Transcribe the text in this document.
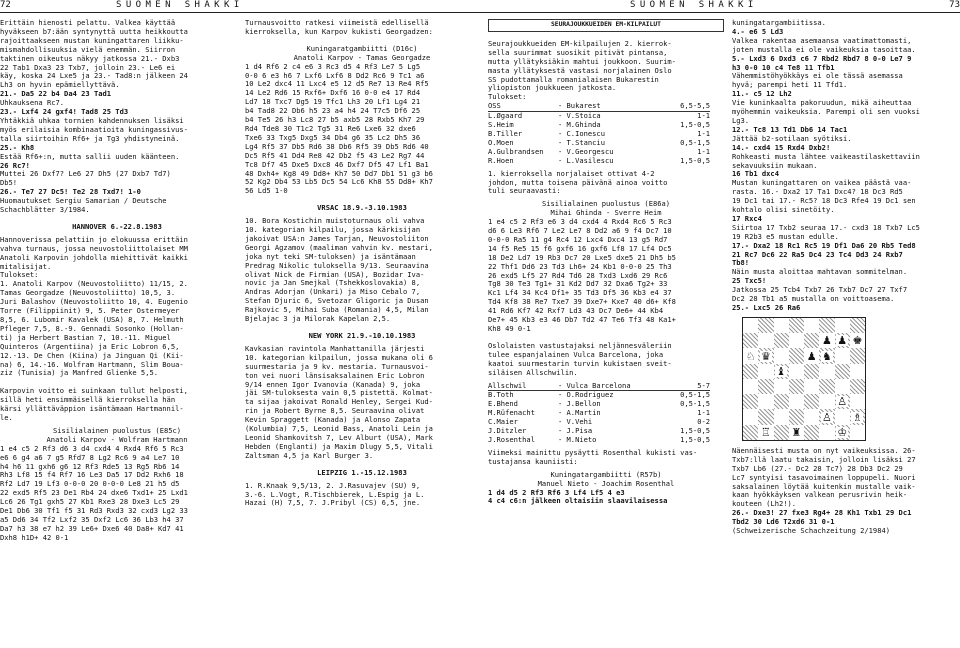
72	SUOMEN SHAKKI

Erittäin hienosti pelattu. Valkea käyttää

hyväkseen b7:ään syntynyttä uutta heikkoutta

rajoittaakseen mustan kuningattaren liikku-

mismahdollisuuksia vielä enemmän. Siirron

taktinen oikeutus näkyy jatkossa 21.- Dxb3

22 Tab1 Dxa3 23 Txb7, jolloin 23.- Le6 ei

käy, koska 24 Lxe5 ja 23.- Tad8:n jälkeen 24

Lh3 on hyvin epämiellyttävä.

21.- Da5 22 b4 Da4 23 Tad1

Uhkauksena Rc7.

23.- Lxf4 24 gxf4! Tad8 25 Td3

Yhtäkkiä uhkaa tornien kahdennuksen lisäksi

myös erilaisia kombinaatioita kuningassivus-

talla siirtoihin Rf6+ ja Tg3 yhdistyneinä.

25.- Kh8

Estää Rf6+:n, mutta sallii uuden käänteen.

26 Rc7!

Muttei 26 Dxf7? Le6 27 Dh5 (27 Dxb7 Td7)

Db5!

26.- Te7 27 Dc5! Te2 28 Txd7! 1-0

Huomautukset Sergiu Samarian / Deutsche

Schachblätter 3/1984.

HANNOVER 6.-22.8.1983

Hannoverissa pelattiin jo elokuussa erittäin

vahva turnaus, jossa neuvostoliittolaiset MM

Anatoli Karpovin johdolla miehittivät kaikki

mitalisijat.

Tulokset:

1. Anatoli Karpov (Neuvostoliitto) 11/15, 2.

Tamas Georgadze (Neuvostoliitto) 10,5, 3.

Juri Balashov (Neuvostoliitto 10, 4. Eugenio

Torre (Filippiinit) 9, 5. Peter Ostermeyer

8,5, 6. Lubomir Kavalek (USA) 8, 7. Helmuth

Pfleger 7,5, 8.-9. Gennadi Sosonko (Hollan-

ti) ja Herbert Bastian 7, 10.-11. Miguel

Quinteros (Argentiina) ja Eric Lobron 6,5,

12.-13. De Chen (Kiina) ja Jinguan Qi (Kii-

na) 6, 14.-16. Wolfram Hartmann, Slim Boua-

ziz (Tunisia) ja Manfred Glienke 5,5.

Karpovin voitto ei suinkaan tullut helposti,

sillä heti ensimmäisellä kierroksella hän

kärsi yllättäväppion isäntämaan Hartmannil-

le.

Sisilialainen puolustus (E85c)
Anatoli Karpov - Wolfram Hartmann

1 e4 c5 2 Rf3 d6 3 d4 cxd4 4 Rxd4 Rf6 5 Rc3

e6 6 g4 a6 7 g5 Rfd7 8 Lg2 Rc6 9 a4 Le7 10

h4 h6 11 gxh6 g6 12 Rf3 Rde5 13 Rg5 Rb6 14

Rh3 Lf8 15 f4 Rf7 16 Le3 Da5 17 Dd2 Rxh6 18

Rf2 Ld7 19 Lf3 0-0-0 20 0-0-0 Le8 21 h5 d5

22 exd5 Rf5 23 De1 Rb4 24 dxe6 Txd1+ 25 Lxd1

Lc6 26 Tg1 gxh5 27 Kb1 Rxe3 28 Dxe3 Lc5 29

De1 Db6 30 Tf1 f5 31 Rd3 Rxd3 32 cxd3 Lg2 33

a5 Dd6 34 Tf2 Lxf2 35 Dxf2 Lc6 36 Lb3 h4 37

Da7 h3 38 e7 h2 39 Le6+ Dxe6 40 Da8+ Kd7 41

Dxh8 h1D+ 42 0-1

Turnausvoitto ratkesi viimeistä edellisellä

kierroksella, kun Karpov kukisti Georgadzen:

Kuningaratgambiitti (D16c)
Anatoli Karpov - Tamas Georgadze

1 d4 Rf6 2 c4 e6 3 Rc3 d5 4 Rf3 Le7 5 Lg5

0-0 6 e3 h6 7 Lxf6 Lxf6 8 Dd2 Rc6 9 Tc1 a6

10 Le2 dxc4 11 Lxc4 e5 12 d5 Re7 13 Re4 Rf5

14 Le2 Rd6 15 Rxf6+ Dxf6 16 0-0 e4 17 Rd4

Ld7 18 Txc7 Dg5 19 Tfc1 Lh3 20 Lf1 Lg4 21

b4 Tad8 22 Db6 h5 23 a4 h4 24 T7c5 Df6 25

b4 Te5 26 h3 Lc8 27 b5 axb5 28 Rxb5 Kh7 29

Rd4 Tde8 30 T1c2 Tg5 31 Re6 Lxe6 32 dxe6

Txe6 33 Txg5 Dxg5 34 Db4 g6 35 Lc2 Dh5 36

Lg4 Rf5 37 Db5 Rd6 38 Db6 Rf5 39 Db5 Rd6 40

Dc5 Rf5 41 Dd4 Re8 42 Db2 f5 43 Le2 Rg7 44

Tc8 Df7 45 Dxe5 Dxc8 46 Dxf7 Df5 47 Lf1 Ba1

48 Dxh4+ Kg8 49 Dd8+ Kh7 50 Dd7 Db1 51 g3 b6

52 Kg2 Db4 53 Lb5 Dc5 54 Lc6 Kh8 55 Dd8+ Kh7

56 Ld5 1-0

VRSAC 18.9.-3.10.1983

10. Bora Kostichin muistoturnaus oli vahva

10. kategorian kilpailu, jossa kärkisijan

jakoivat USA:n James Tarjan, Neuvostoliiton

Georgi Agzamov (maaliman vahvin kv. mestari,

joka nyt teki SM-tuloksen) ja isäntämaan

Predrag Nikolic tuloksella 9/13. Seuraavina

olivat Nick de Firmian (USA), Bozidar Iva-

novic ja Jan Smejkal (Tshekkoslovakia) 8,

Andras Adorjan (Unkari) ja Miso Cebalo 7,

Stefan Djuric 6, Svetozar Gligoric ja Dusan

Rajkovic 5, Mihai Suba (Romania) 4,5, Milan

Bjelajac 3 ja Milorak Kapelan 2,5.

NEW YORK 21.9.-10.10.1983

Kavkasian ravintola Manhattanilla järjesti

10. kategorian kilpailun, jossa mukana oli 6

suurmestaria ja 9 kv. mestaria. Turnausvoi-

ton vei nuori länsisaksalainen Eric Lobron

9/14 ennen Igor Ivanovia (Kanada) 9, joka

jäi SM-tuloksesta vain 0,5 pistettä. Kolmat-

ta sijaa jakoivat Ronald Henley, Sergei Kud-

rin ja Robert Byrne 8,5. Seuraavina olivat

Kevin Spraggett (Kanada) ja Alonso Zapata

(Kolumbia) 7,5, Leonid Bass, Anatoli Lein ja

Leonid Shamkovitsh 7, Lev Alburt (USA), Mark

Hebden (Englanti) ja Maxim Dlugy 5,5, Vitali

Zaltsman 4,5 ja Karl Burger 3.

LEIPZIG 1.-15.12.1983

1. R.Knaak 9,5/13, 2. J.Rasuvajev (SU) 9,

3.-6. L.Vogt, R.Tischbierek, L.Espig ja L.

Hazai (H) 7,5, 7. J.Pribyl (CS) 6,5, jne.

SUOMEN SHAKKI	73
SEURAJOUKKUEIDEN EM-KILPAILUT

Seurajoukkueiden EM-kilpailujen 2. kierrok-

sella suurimmat suosikit pitivät pintansa,

mutta yllätyksiäkin mahtui joukkoon. Suurim-

masta yllätyksestä vastasi norjalainen Oslo

SS pudottamalla romanialaisen Bukarestin

yliopiston joukkueen jatkosta.

Tulokset:
OSS	- Bukarest	6,5-5,5
L.Øgaard	- V.Stoica	1-1
S.Heim	- M.Ghinda	1,5-0,5
B.Tiller	- C.Ionescu	1-1
O.Moen	- T.Stanciu	0,5-1,5
A.Gulbrandsen	- V.Georgescu	1-1
R.Hoen	- L.Vasilescu	1,5-0,5

1. kierroksella norjalaiset ottivat 4-2

johdon, mutta toisena päivänä ainoa voitto

tuli seuraavasti:

Sisilialainen puolustus (E86a)
Mihai Ghinda - Sverre Heim

1 e4 c5 2 Rf3 e6 3 d4 cxd4 4 Rxd4 Rc6 5 Rc3

d6 6 Le3 Rf6 7 Le2 Le7 8 Dd2 a6 9 f4 Dc7 10

0-0-0 Ra5 11 g4 Rc4 12 Lxc4 Dxc4 13 g5 Rd7

14 f5 Re5 15 f6 gxf6 16 gxf6 Lf8 17 Lf4 Dc5

18 De2 Ld7 19 Rb3 Dc7 20 Lxe5 dxe5 21 Dh5 b5

22 Thf1 Dd6 23 Td3 Lh6+ 24 Kb1 0-0-0 25 Th3

26 exd5 Lf5 27 Rd4 Td6 28 Txd3 Lxd6 29 Rc6

Tg8 30 Te3 Tg1+ 31 Kd2 Dd7 32 Dxa6 Tg2+ 33

Kc1 Lf4 34 Kc4 Df1+ 35 Td3 Df5 36 Kb3 e4 37

Td4 Kf8 38 Re7 Txe7 39 Dxe7+ Kxe7 40 d6+ Kf8

41 Rd6 Kf7 42 Rxf7 Ld3 43 Dc7 De6+ 44 Kb4

De7+ 45 Kb3 e3 46 Db7 Td2 47 Te6 Tf3 48 Ka1+

Kh8 49 0-1

Oslolaisten vastustajaksi neljännesväleriin

tulee espanjalainen Vulca Barcelona, joka

kaatoi suurmestarin turvin kukistaen sveit-

siläisen Allschwilin.

Allschwil	- Vulca Barcelona	5-7
B.Toth	- O.Rodriguez	0,5-1,5
E.Bhend	- J.Bellon	0,5-1,5
M.Rüfenacht	- A.Martin	1-1
C.Maier	- V.Vehi	0-2
J.Ditzler	- J.Pisa	1,5-0,5
J.Rosenthal	- M.Nieto	1,5-0,5

Viimeksi mainittu pysäytti Rosenthal kukisti vas-

tustajansa kauniisti:

Kuningatargambiitti (R57b)
Manuel Nieto - Joachim Rosenthal

1 d4 d5 2 Rf3 Rf6 3 Lf4 Lf5 4 e3

4 c4 c6:n jälkeen oltaisiin slaavilaisessa

kuningatargambiitissa.

4.- e6 5 Ld3

Valkea rakentaa asemaansa vaatimattomasti,

joten mustalla ei ole vaikeuksia tasoittaa.

5.- Lxd3 6 Dxd3 c6 7 Rbd2 Rbd7 8 0-0 Le7 9

h3 0-0 10 c4 Te8 11 Tfb1

Vähemmistöhyökkäys ei ole tässä asemassa

hyvä; parempi heti 11 Tfd1.

11.- c5 12 Lh2

Vie kuninkaalta pakoruudun, mikä aiheuttaa

myöhemmin vaikeuksia. Parempi oli sen vuoksi

Lg3.

12.- Tc8 13 Td1 Db6 14 Tac1

Jättää b2-sotilaan syötiksi.

14.- cxd4 15 Rxd4 Dxb2!

Rohkeasti musta lähtee vaikeastilaskettaviin

sekavuuksiin mukaan.

16 Tb1 dxc4

Mustan kuningattaren on vaikea päästä vaa-

rasta. 16.- Dxa2 17 Ta1 Dxc4? 18 Dc3 Rd5

19 Dc1 tai 17.- Rc5? 18 Dc3 Rfe4 19 Dc1 sen

kohtalo olisi sinetöity.

17 Rxc4

Siirtoa 17 Txb2 seuraa 17.- cxd3 18 Txb7 Lc5

19 R2b3 e5 mustan edulle.

17.- Dxa2 18 Rc1 Rc5 19 Df1 Da6 20 Rb5 Ted8

21 Rc7 Dc6 22 Ra5 Dc4 23 Tc4 Dd3 24 Rxb7

Tb8!

Näin musta aloittaa mahtavan sommitelman.

25 Txc5!

Jatkossa 25 Tcb4 Txb7 26 Txb7 Dc7 27 Txf7

Dc2 28 Tb1 a5 mustalla on voittoasema.

25.- Lxc5 26 Ra6

♟ ♟ ♚
♘ ♛	♟ ♞
♝
♙
♙ ♗
♖ ♜	♔

Näennäisesti musta on nyt vaikeuksissa. 26-

Txb7:llä laatu takaisin, jolloin lisäksi 27

Txb7 Lb6 (27.- Dc2 28 Tc7) 28 Db3 Dc2 29

Lc7 syntyisi tasavoimainen loppupeli. Nuori

saksalainen löytää kuitenkin mustalle vaik-

kaan hyökkäyksen valkean perusrivin heik-

kouteen (Lh2!).

26.- Dxe3! 27 fxe3 Rg4+ 28 Kh1 Txb1 29 Dc1

Tbd2 30 Ld6 T2xd6 31 0-1

(Schweizerische Schachzeitung 2/1984)
